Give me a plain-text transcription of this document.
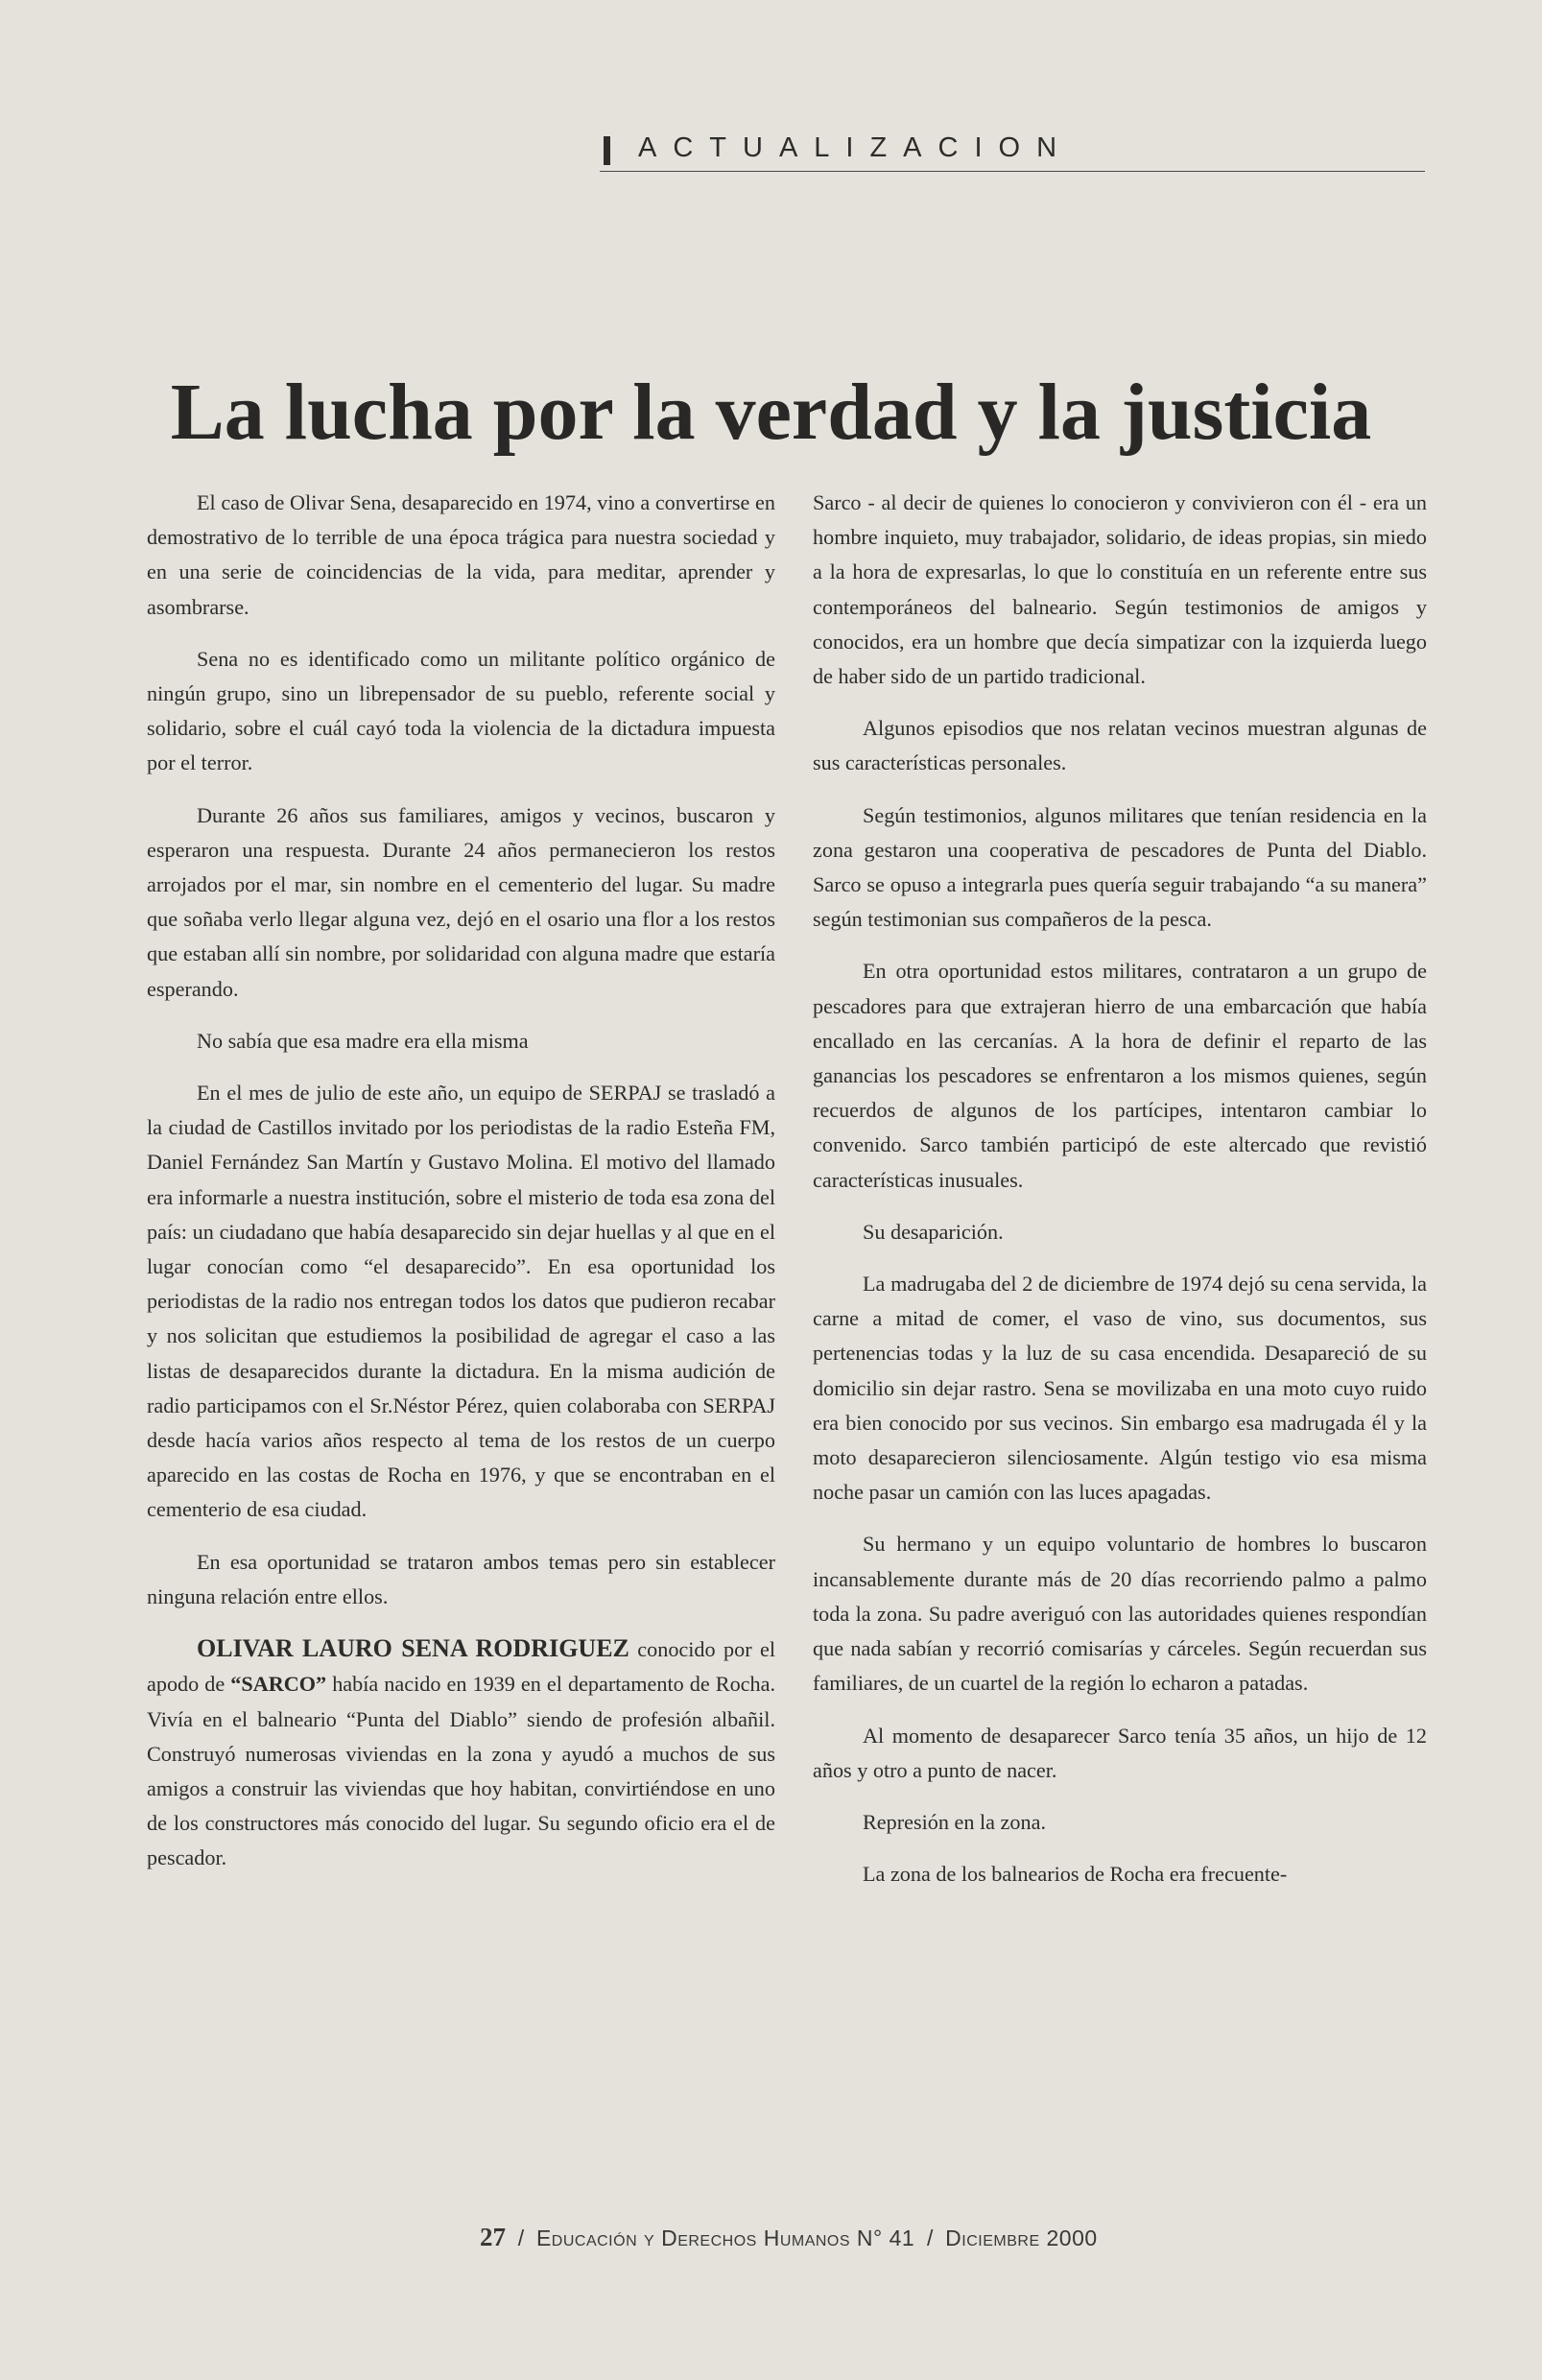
ACTUALIZACION
La lucha por la verdad y la justicia

El caso de Olivar Sena, desaparecido en 1974, vino a convertirse en demostrativo de lo terrible de una época trágica para nuestra sociedad y en una serie de coincidencias de la vida, para meditar, aprender y asombrarse.

Sena no es identificado como un militante político orgánico de ningún grupo, sino un librepensador de su pueblo, referente social y solidario, sobre el cuál cayó toda la violencia de la dictadura impuesta por el terror.

Durante 26 años sus familiares, amigos y vecinos, buscaron y esperaron una respuesta. Durante 24 años permanecieron los restos arrojados por el mar, sin nombre en el cementerio del lugar. Su madre que soñaba verlo llegar alguna vez, dejó en el osario una flor a los restos que estaban allí sin nombre, por solidaridad con alguna madre que estaría esperando.

No sabía que esa madre era ella misma

En el mes de julio de este año, un equipo de SERPAJ se trasladó a la ciudad de Castillos invitado por los periodistas de la radio Esteña FM, Daniel Fernández San Martín y Gustavo Molina. El motivo del llamado era informarle a nuestra institución, sobre el misterio de toda esa zona del país: un ciudadano que había desaparecido sin dejar huellas y al que en el lugar conocían como “el desaparecido”. En esa oportunidad los periodistas de la radio nos entregan todos los datos que pudieron recabar y nos solicitan que estudiemos la posibilidad de agregar el caso a las listas de desaparecidos durante la dictadura. En la misma audición de radio participamos con el Sr.Néstor Pérez, quien colaboraba con SERPAJ desde hacía varios años respecto al tema de los restos de un cuerpo aparecido en las costas de Rocha en 1976, y que se encontraban en el cementerio de esa ciudad.

En esa oportunidad se trataron ambos temas pero sin establecer ninguna relación entre ellos.

OLIVAR LAURO SENA RODRIGUEZ conocido por el apodo de “SARCO” había nacido en 1939 en el departamento de Rocha. Vivía en el balneario “Punta del Diablo” siendo de profesión albañil. Construyó numerosas viviendas en la zona y ayudó a muchos de sus amigos a construir las viviendas que hoy habitan, convirtiéndose en uno de los constructores más conocido del lugar. Su segundo oficio era el de pescador.

Sarco - al decir de quienes lo conocieron y convivieron con él - era un hombre inquieto, muy trabajador, solidario, de ideas propias, sin miedo a la hora de expresarlas, lo que lo constituía en un referente entre sus contemporáneos del balneario. Según testimonios de amigos y conocidos, era un hombre que decía simpatizar con la izquierda luego de haber sido de un partido tradicional.

Algunos episodios que nos relatan vecinos muestran algunas de sus características personales.

Según testimonios, algunos militares que tenían residencia en la zona gestaron una cooperativa de pescadores de Punta del Diablo. Sarco se opuso a integrarla pues quería seguir trabajando “a su manera” según testimonian sus compañeros de la pesca.

En otra oportunidad estos militares, contrataron a un grupo de pescadores para que extrajeran hierro de una embarcación que había encallado en las cercanías. A la hora de definir el reparto de las ganancias los pescadores se enfrentaron a los mismos quienes, según recuerdos de algunos de los partícipes, intentaron cambiar lo convenido. Sarco también participó de este altercado que revistió características inusuales.

Su desaparición.

La madrugaba del 2 de diciembre de 1974 dejó su cena servida, la carne a mitad de comer, el vaso de vino, sus documentos, sus pertenencias todas y la luz de su casa encendida. Desapareció de su domicilio sin dejar rastro. Sena se movilizaba en una moto cuyo ruido era bien conocido por sus vecinos. Sin embargo esa madrugada él y la moto desaparecieron silenciosamente. Algún testigo vio esa misma noche pasar un camión con las luces apagadas.

Su hermano y un equipo voluntario de hombres lo buscaron incansablemente durante más de 20 días recorriendo palmo a palmo toda la zona. Su padre averiguó con las autoridades quienes respondían que nada sabían y recorrió comisarías y cárceles. Según recuerdan sus familiares, de un cuartel de la región lo echaron a patadas.

Al momento de desaparecer Sarco tenía 35 años, un hijo de 12 años y otro a punto de nacer.

Represión en la zona.

La zona de los balnearios de Rocha era frecuente-

27 / Educación y Derechos Humanos N° 41 / Diciembre 2000
